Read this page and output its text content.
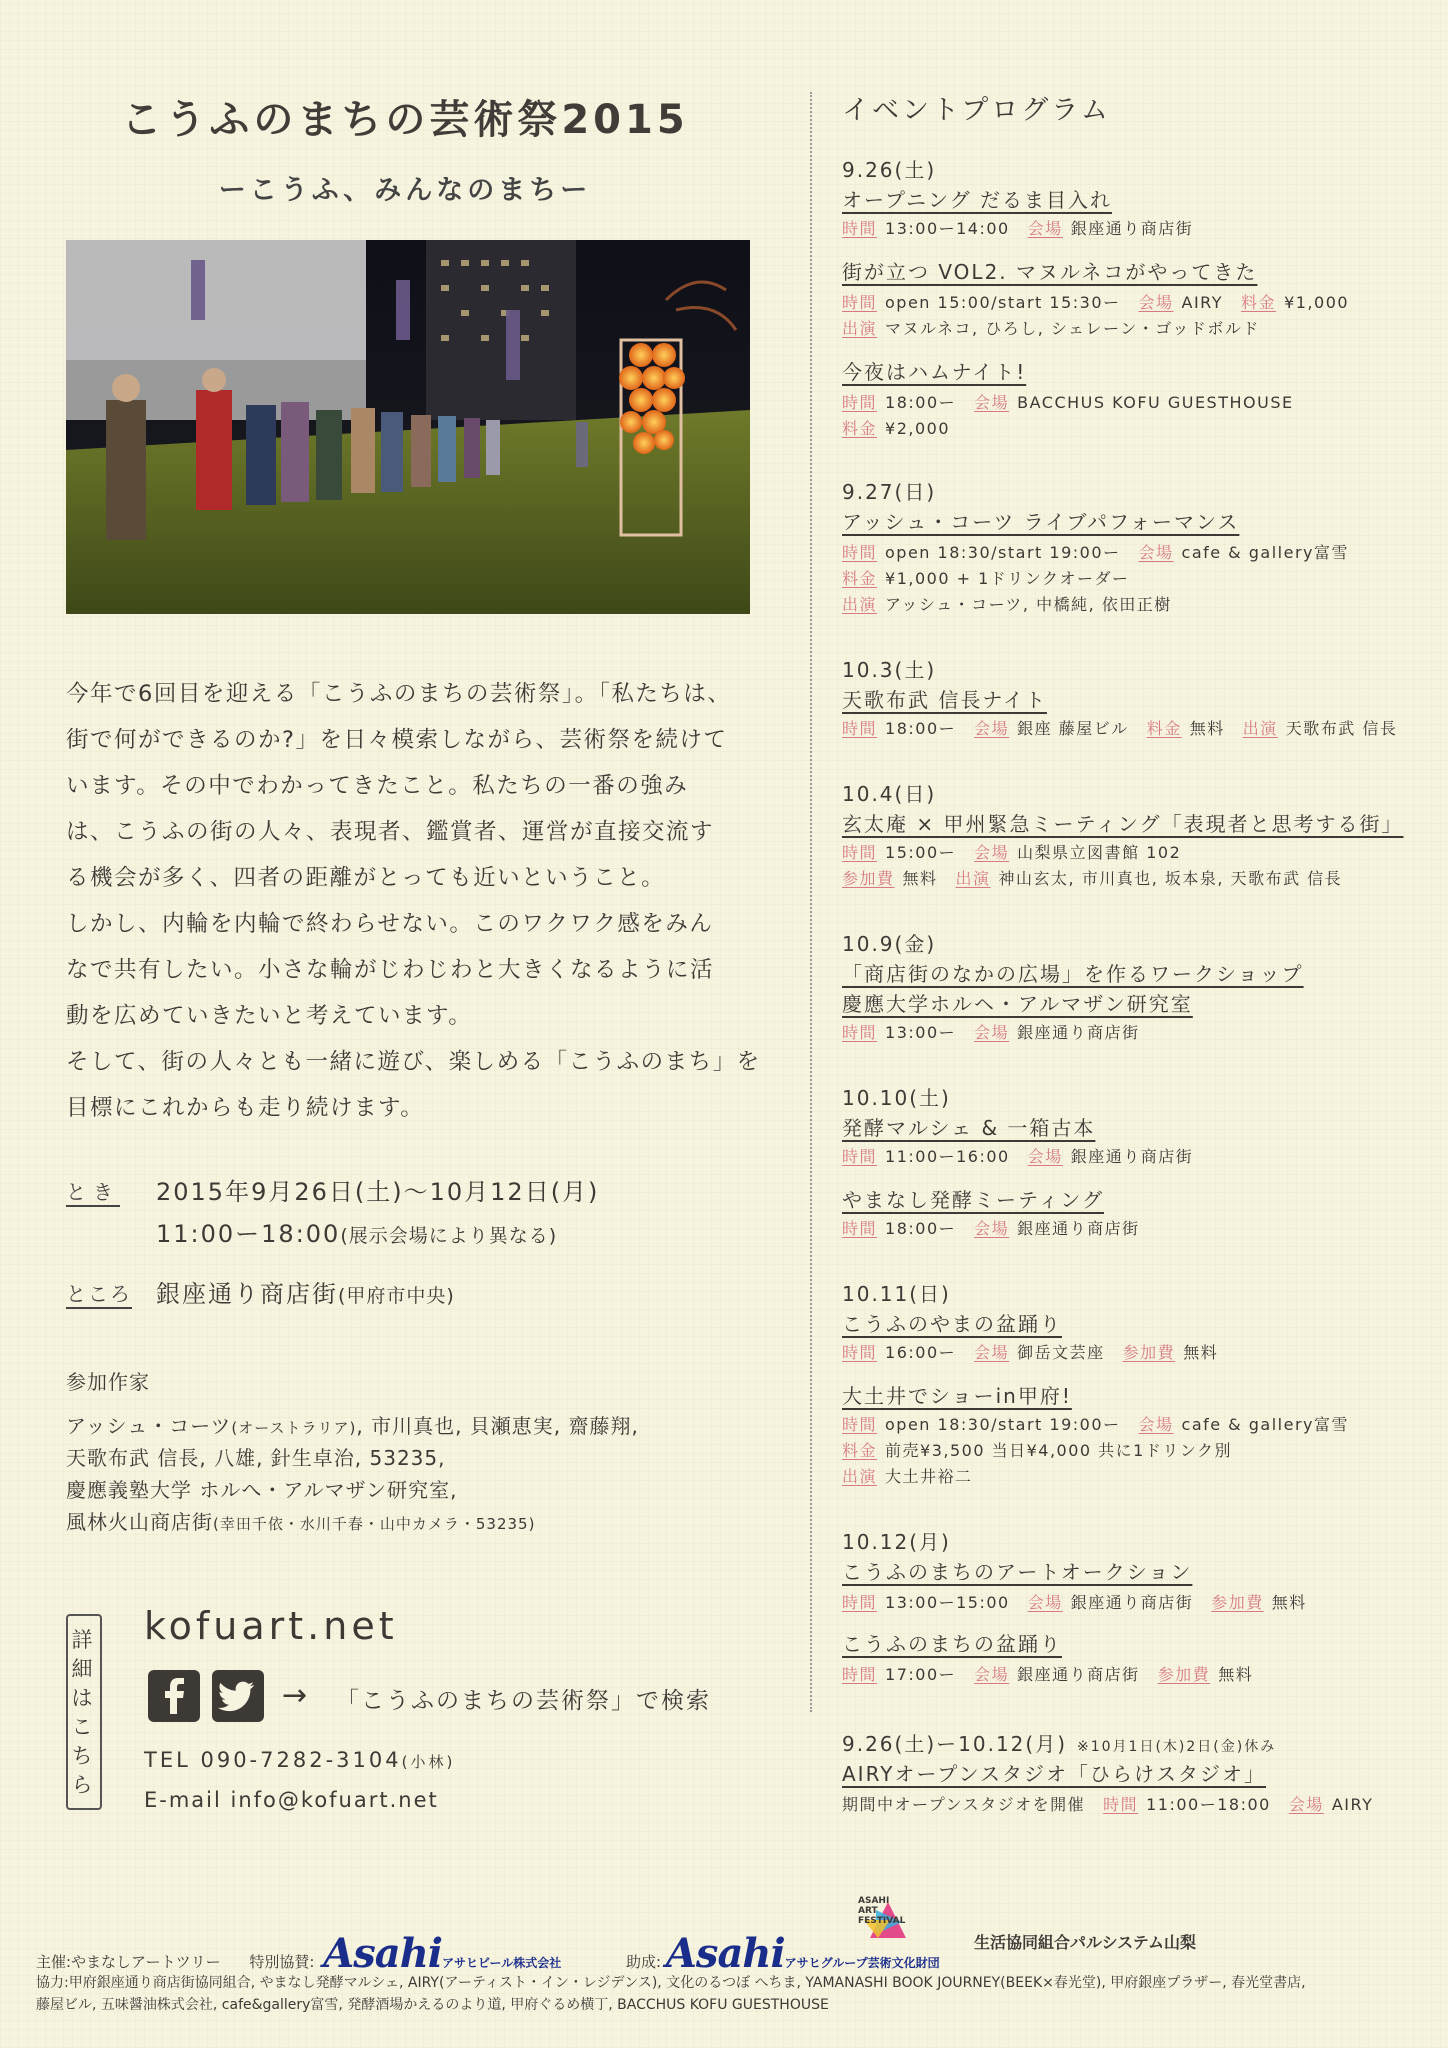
こうふのまちの芸術祭2015
ーこうふ、みんなのまちー
今年で6回目を迎える「こうふのまちの芸術祭」。「私たちは、
街で何ができるのか?」を日々模索しながら、芸術祭を続けて
います。その中でわかってきたこと。私たちの一番の強み
は、こうふの街の人々、表現者、鑑賞者、運営が直接交流す
る機会が多く、四者の距離がとっても近いということ。
しかし、内輪を内輪で終わらせない。このワクワク感をみん
なで共有したい。小さな輪がじわじわと大きくなるように活
動を広めていきたいと考えています。
そして、街の人々とも一緒に遊び、楽しめる「こうふのまち」を
目標にこれからも走り続けます。
とき 2015年9月26日(土)〜10月12日(月)
11:00ー18:00(展示会場により異なる)
ところ 銀座通り商店街(甲府市中央)
参加作家
アッシュ・コーツ(オーストラリア), 市川真也, 貝瀬恵実, 齋藤翔,
天歌布武 信長, 八雄, 針生卓治, 53235,
慶應義塾大学 ホルへ・アルマザン研究室,
風林火山商店街(幸田千依・水川千春・山中カメラ・53235)
詳細はこちら
kofuart.net
→ 「こうふのまちの芸術祭」で検索
TEL 090-7282-3104(小林)
E-mail info@kofuart.net
イベントプログラム
9.26(土)
オープニング だるま目入れ
時間 13:00ー14:00 会場 銀座通り商店街
街が立つ VOL2. マヌルネコがやってきた
時間 open 15:00/start 15:30ー 会場 AIRY 料金 ¥1,000
出演 マヌルネコ, ひろし, シェレーン・ゴッドボルド
今夜はハムナイト!
時間 18:00ー 会場 BACCHUS KOFU GUESTHOUSE
料金 ¥2,000
9.27(日)
アッシュ・コーツ ライブパフォーマンス
時間 open 18:30/start 19:00ー 会場 cafe & gallery富雪
料金 ¥1,000 + 1ドリンクオーダー
出演 アッシュ・コーツ, 中橋純, 依田正樹
10.3(土)
天歌布武 信長ナイト
時間 18:00ー 会場 銀座 藤屋ビル 料金 無料 出演 天歌布武 信長
10.4(日)
玄太庵 × 甲州緊急ミーティング「表現者と思考する街」
時間 15:00ー 会場 山梨県立図書館 102
参加費 無料 出演 神山玄太, 市川真也, 坂本泉, 天歌布武 信長
10.9(金)
「商店街のなかの広場」を作るワークショップ
慶應大学ホルヘ・アルマザン研究室
時間 13:00ー 会場 銀座通り商店街
10.10(土)
発酵マルシェ & 一箱古本
時間 11:00ー16:00 会場 銀座通り商店街
やまなし発酵ミーティング
時間 18:00ー 会場 銀座通り商店街
10.11(日)
こうふのやまの盆踊り
時間 16:00ー 会場 御岳文芸座 参加費 無料
大土井でショーin甲府!
時間 open 18:30/start 19:00ー 会場 cafe & gallery富雪
料金 前売¥3,500 当日¥4,000 共に1ドリンク別
出演 大土井裕二
10.12(月)
こうふのまちのアートオークション
時間 13:00ー15:00 会場 銀座通り商店街 参加費 無料
こうふのまちの盆踊り
時間 17:00ー 会場 銀座通り商店街 参加費 無料
9.26(土)ー10.12(月) ※10月1日(木)2日(金)休み
AIRYオープンスタジオ「ひらけスタジオ」
期間中オープンスタジオを開催 時間 11:00ー18:00 会場 AIRY
主催:やまなしアートツリー 特別協賛: Asahiアサヒビール株式会社	助成: Asahiアサヒグループ芸術文化財団
ASAHI ART FESTIVAL
生活協同組合パルシステム山梨
協力:甲府銀座通り商店街協同組合, やまなし発酵マルシェ, AIRY(アーティスト・イン・レジデンス), 文化のるつぼ へちま, YAMANASHI BOOK JOURNEY(BEEK×春光堂), 甲府銀座プラザー, 春光堂書店,
藤屋ビル, 五味醤油株式会社, cafe&gallery富雪, 発酵酒場かえるのより道, 甲府ぐるめ横丁, BACCHUS KOFU GUESTHOUSE
